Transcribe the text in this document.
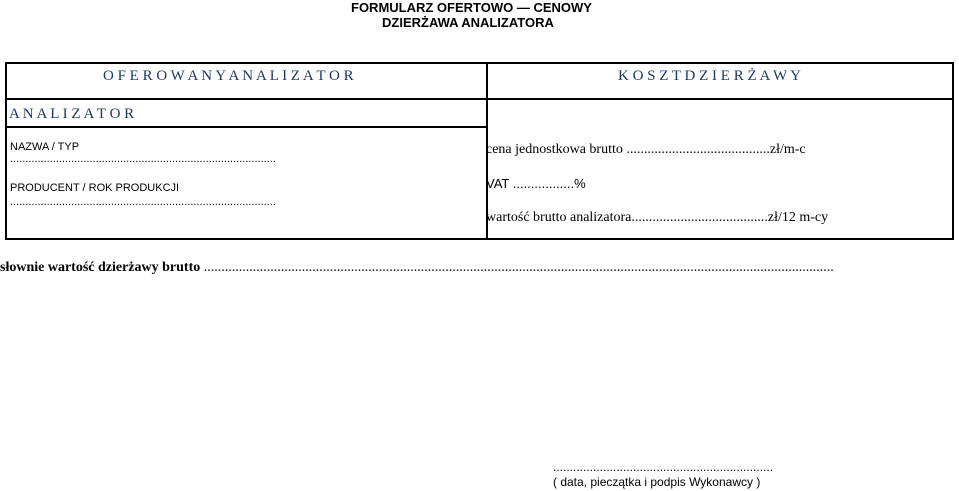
FORMULARZ OFERTOWO — CENOWY
DZIERŻAWA ANALIZATORA
O F E R O W A N Y A N A L I Z A T O R	K O S Z T D Z I E R Ż A W Y
A N A L I Z A T O R
NAZWA / TYP
.......................................................................................
PRODUCENT / ROK PRODUKCJI
.......................................................................................
cena jednostkowa brutto .........................................zł/m-c
VAT .................%
wartość brutto analizatora.......................................zł/12 m-cy
słownie wartość dzierżawy brutto ....................................................................................................................................................................................
..................................................................
( data, pieczątka i podpis Wykonawcy )
